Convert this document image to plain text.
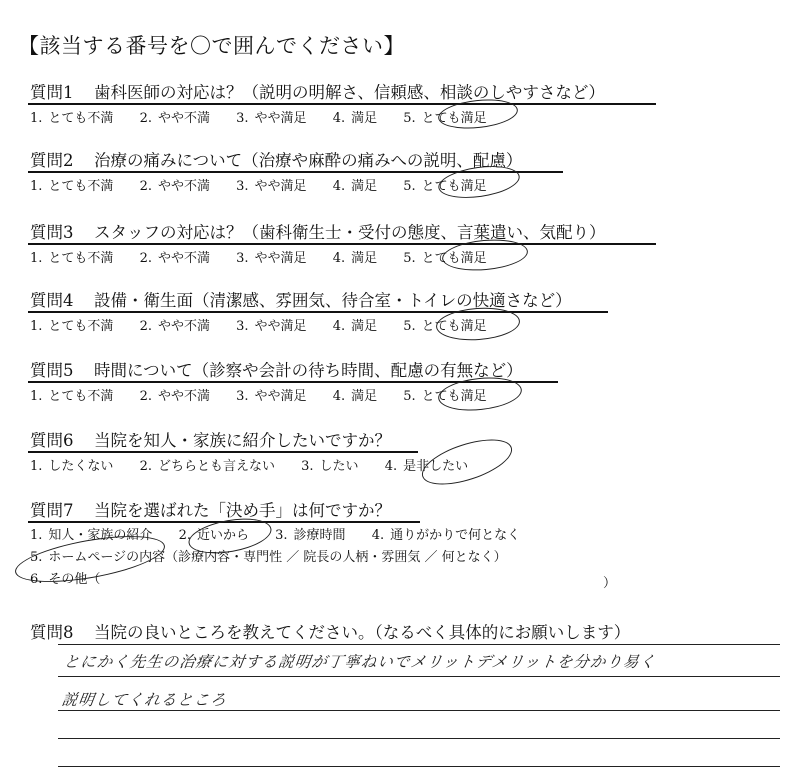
【該当する番号を〇で囲んでください】
質問1 歯科医師の対応は？（説明の明解さ、信頼感、相談のしやすさなど）
1. とても不満 2. やや不満 3. やや満足 4. 満足 5. とても満足
質問2 治療の痛みについて（治療や麻酔の痛みへの説明、配慮）
1. とても不満 2. やや不満 3. やや満足 4. 満足 5. とても満足
質問3 スタッフの対応は？（歯科衛生士・受付の態度、言葉遣い、気配り）
1. とても不満 2. やや不満 3. やや満足 4. 満足 5. とても満足
質問4 設備・衛生面（清潔感、雰囲気、待合室・トイレの快適さなど）
1. とても不満 2. やや不満 3. やや満足 4. 満足 5. とても満足
質問5 時間について（診察や会計の待ち時間、配慮の有無など）
1. とても不満 2. やや不満 3. やや満足 4. 満足 5. とても満足
質問6 当院を知人・家族に紹介したいですか？
1. したくない 2. どちらとも言えない 3. したい 4. 是非したい
質問7 当院を選ばれた「決め手」は何ですか？
1. 知人・家族の紹介 2. 近いから 3. 診療時間 4. 通りがかりで何となく
5. ホームページの内容（診療内容・専門性 ／ 院長の人柄・雰囲気 ／ 何となく）
6. その他（	）
質問8 当院の良いところを教えてください。（なるべく具体的にお願いします）
とにかく先生の治療に対する説明が丁寧ねいでメリットデメリットを分かり易く
説明してくれるところ
